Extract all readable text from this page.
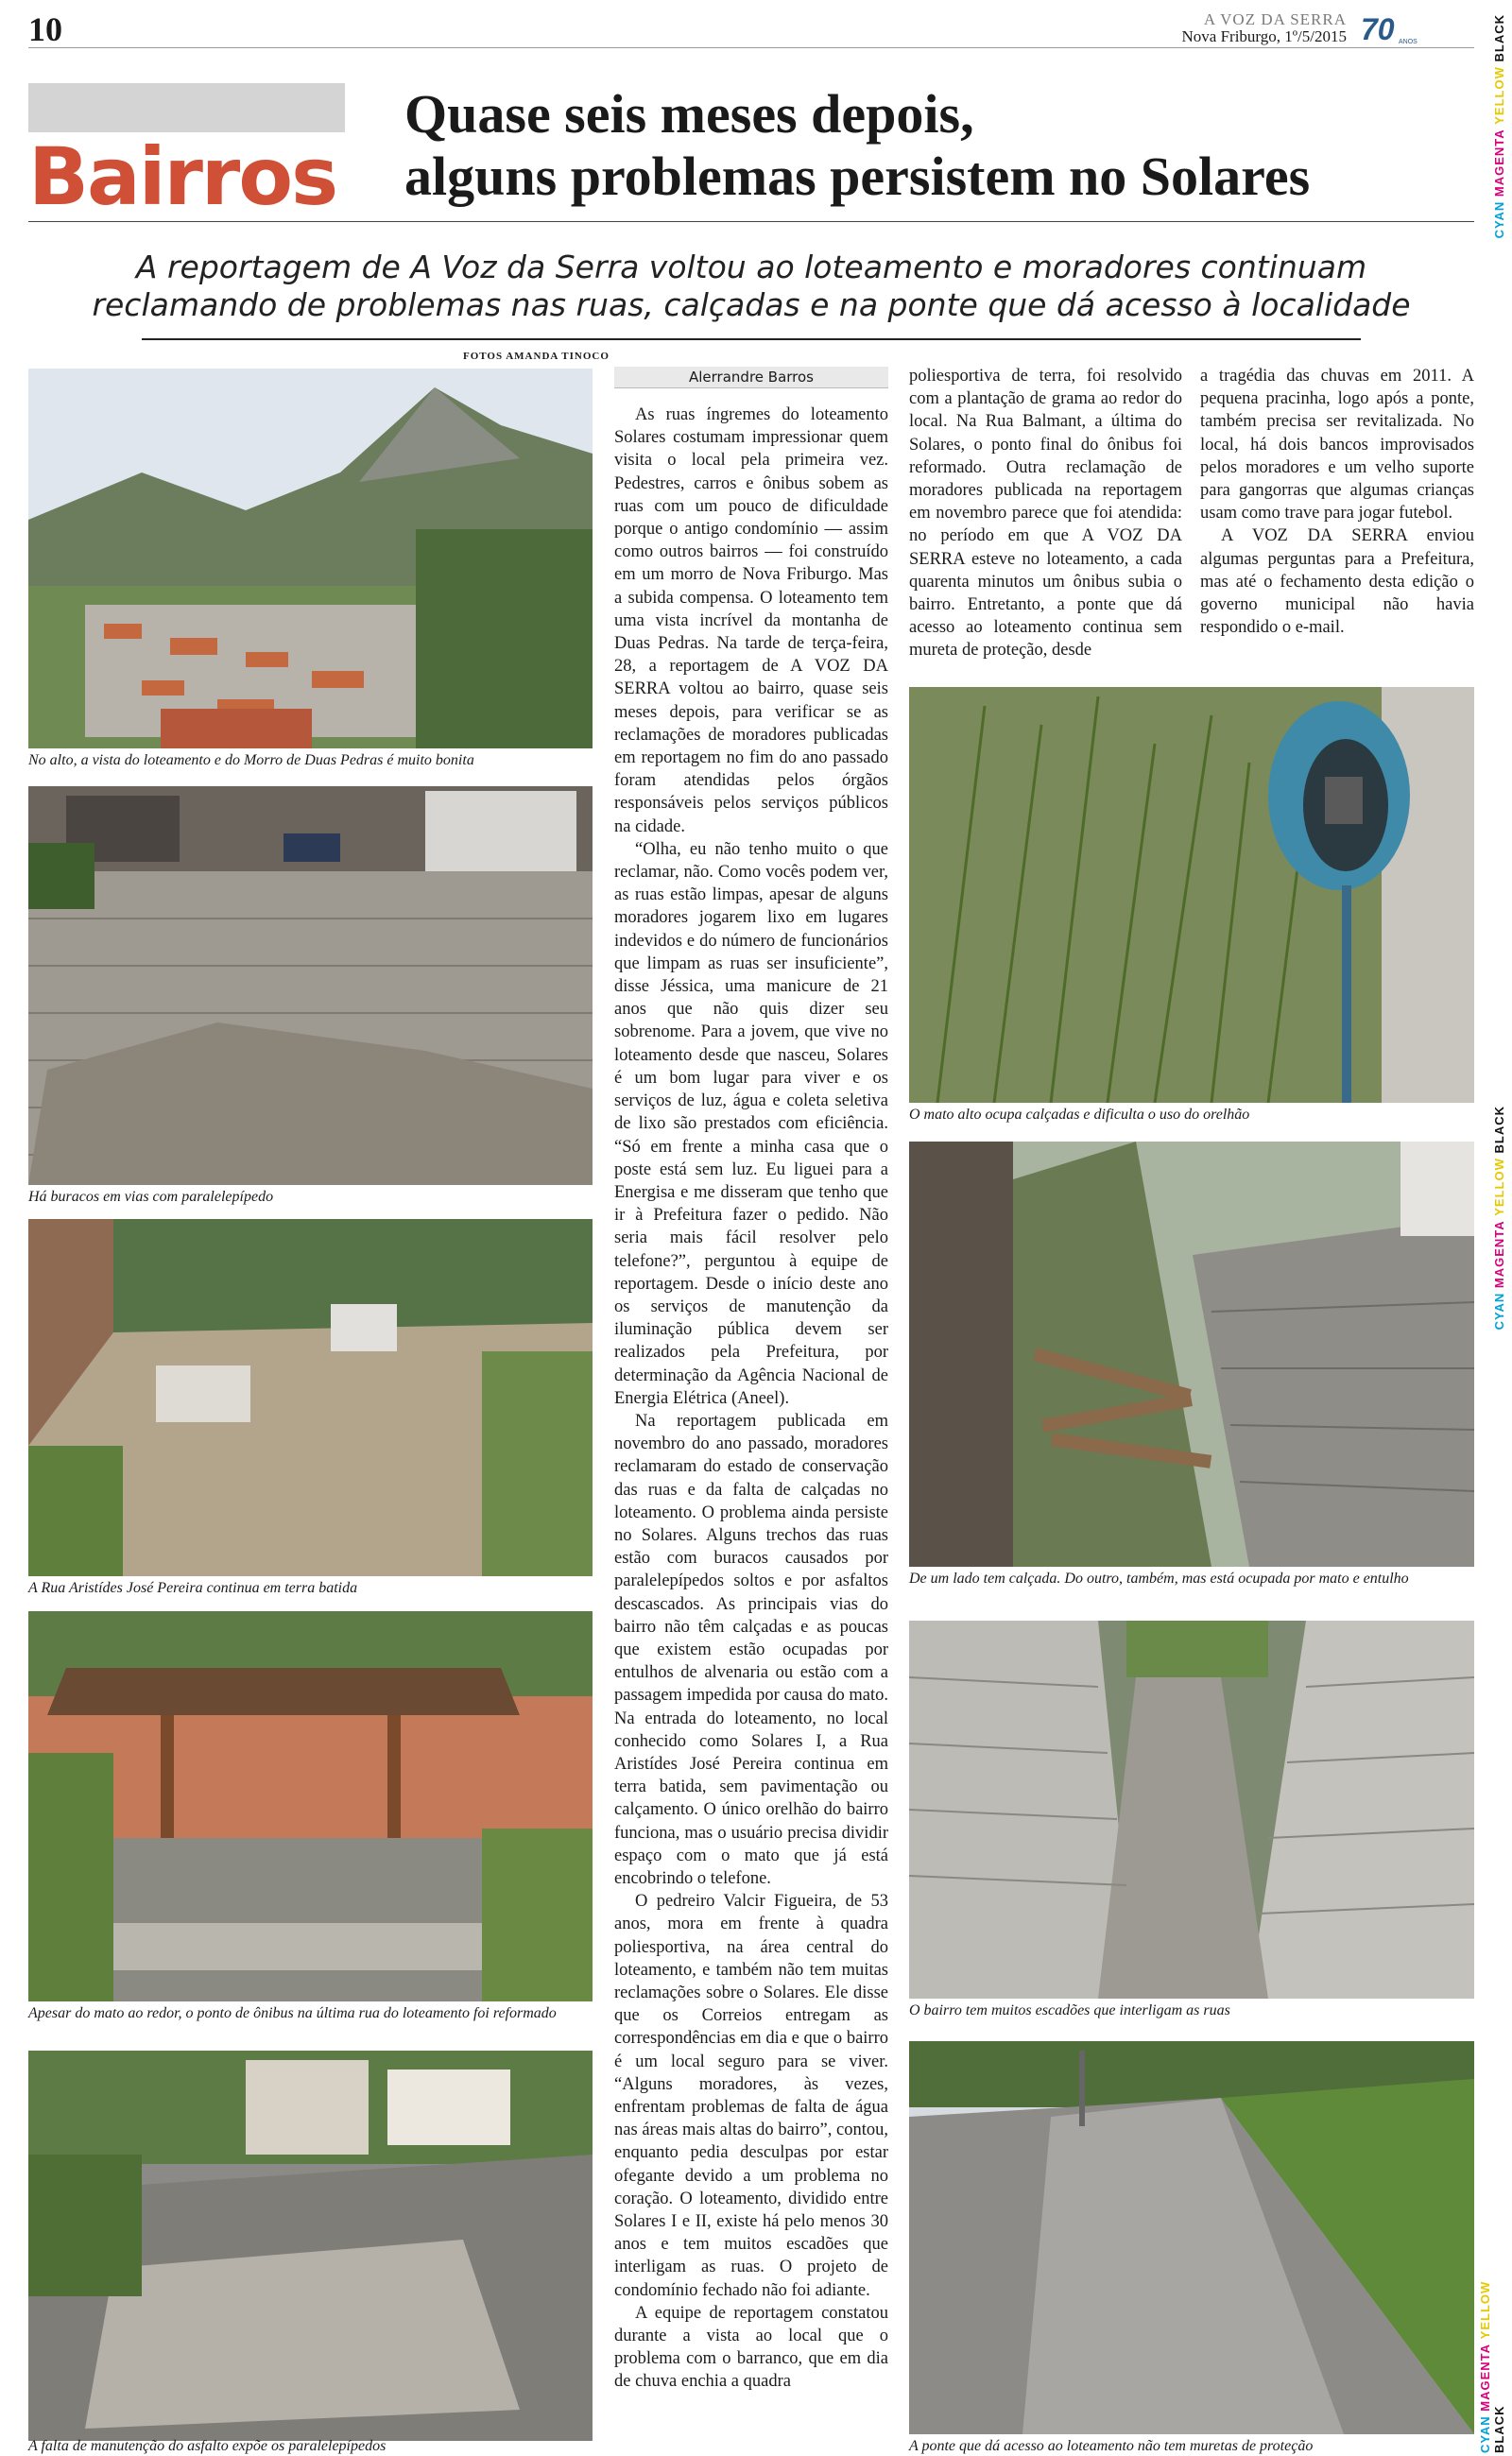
10	A VOZ DA SERRA
Nova Friburgo, 1º/5/2015 70 ANOS
CYAN MAGENTA YELLOW BLACK
CYAN MAGENTA YELLOW BLACK
CYAN MAGENTA YELLOW BLACK
Bairros
Quase seis meses depois,
alguns problemas persistem no Solares
A reportagem de A Voz da Serra voltou ao loteamento e moradores continuam
reclamando de problemas nas ruas, calçadas e na ponte que dá acesso à localidade
FOTOS AMANDA TINOCO
No alto, a vista do loteamento e do Morro de Duas Pedras é muito bonita
Há buracos em vias com paralelepípedo
A Rua Aristídes José Pereira continua em terra batida
Apesar do mato ao redor, o ponto de ônibus na última rua do loteamento foi reformado
A falta de manutenção do asfalto expõe os paralelepípedos
Alerrandre Barros

As ruas íngremes do loteamento Solares costumam impressionar quem visita o local pela primeira vez. Pedestres, carros e ônibus sobem as ruas com um pouco de dificuldade porque o antigo condomínio — assim como outros bairros — foi construído em um morro de Nova Friburgo. Mas a subida compensa. O loteamento tem uma vista incrível da montanha de Duas Pedras. Na tarde de terça-feira, 28, a reportagem de A VOZ DA SERRA voltou ao bairro, quase seis meses depois, para verificar se as reclamações de moradores publicadas em reportagem no fim do ano passado foram atendidas pelos órgãos responsáveis pelos serviços públicos na cidade.

“Olha, eu não tenho muito o que reclamar, não. Como vocês podem ver, as ruas estão limpas, apesar de alguns moradores jogarem lixo em lugares indevidos e do número de funcionários que limpam as ruas ser insuficiente”, disse Jéssica, uma manicure de 21 anos que não quis dizer seu sobrenome. Para a jovem, que vive no loteamento desde que nasceu, Solares é um bom lugar para viver e os serviços de luz, água e coleta seletiva de lixo são prestados com eficiência. “Só em frente a minha casa que o poste está sem luz. Eu liguei para a Energisa e me disseram que tenho que ir à Prefeitura fazer o pedido. Não seria mais fácil resolver pelo telefone?”, perguntou à equipe de reportagem. Desde o início deste ano os serviços de manutenção da iluminação pública devem ser realizados pela Prefeitura, por determinação da Agência Nacional de Energia Elétrica (Aneel).

Na reportagem publicada em novembro do ano passado, moradores reclamaram do estado de conservação das ruas e da falta de calçadas no loteamento. O problema ainda persiste no Solares. Alguns trechos das ruas estão com buracos causados por paralelepípedos soltos e por asfaltos descascados. As principais vias do bairro não têm calçadas e as poucas que existem estão ocupadas por entulhos de alvenaria ou estão com a passagem impedida por causa do mato. Na entrada do loteamento, no local conhecido como Solares I, a Rua Aristídes José Pereira continua em terra batida, sem pavimentação ou calçamento. O único orelhão do bairro funciona, mas o usuário precisa dividir espaço com o mato que já está encobrindo o telefone.

O pedreiro Valcir Figueira, de 53 anos, mora em frente à quadra poliesportiva, na área central do loteamento, e também não tem muitas reclamações sobre o Solares. Ele disse que os Correios entregam as correspondências em dia e que o bairro é um local seguro para se viver. “Alguns moradores, às vezes, enfrentam problemas de falta de água nas áreas mais altas do bairro”, contou, enquanto pedia desculpas por estar ofegante devido a um problema no coração. O loteamento, dividido entre Solares I e II, existe há pelo menos 30 anos e tem muitos escadões que interligam as ruas. O projeto de condomínio fechado não foi adiante.

A equipe de reportagem constatou durante a vista ao local que o problema com o barranco, que em dia de chuva enchia a quadra

poliesportiva de terra, foi resolvido com a plantação de grama ao redor do local. Na Rua Balmant, a última do Solares, o ponto final do ônibus foi reformado. Outra reclamação de moradores publicada na reportagem em novembro parece que foi atendida: no período em que A VOZ DA SERRA esteve no loteamento, a cada quarenta minutos um ônibus subia o bairro. Entretanto, a ponte que dá acesso ao loteamento continua sem mureta de proteção, desde

a tragédia das chuvas em 2011. A pequena pracinha, logo após a ponte, também precisa ser revitalizada. No local, há dois bancos improvisados pelos moradores e um velho suporte para gangorras que algumas crianças usam como trave para jogar futebol.

A VOZ DA SERRA enviou algumas perguntas para a Prefeitura, mas até o fechamento desta edição o governo municipal não havia respondido o e-mail.

O mato alto ocupa calçadas e dificulta o uso do orelhão
De um lado tem calçada. Do outro, também, mas está ocupada por mato e entulho
O bairro tem muitos escadões que interligam as ruas
A ponte que dá acesso ao loteamento não tem muretas de proteção
